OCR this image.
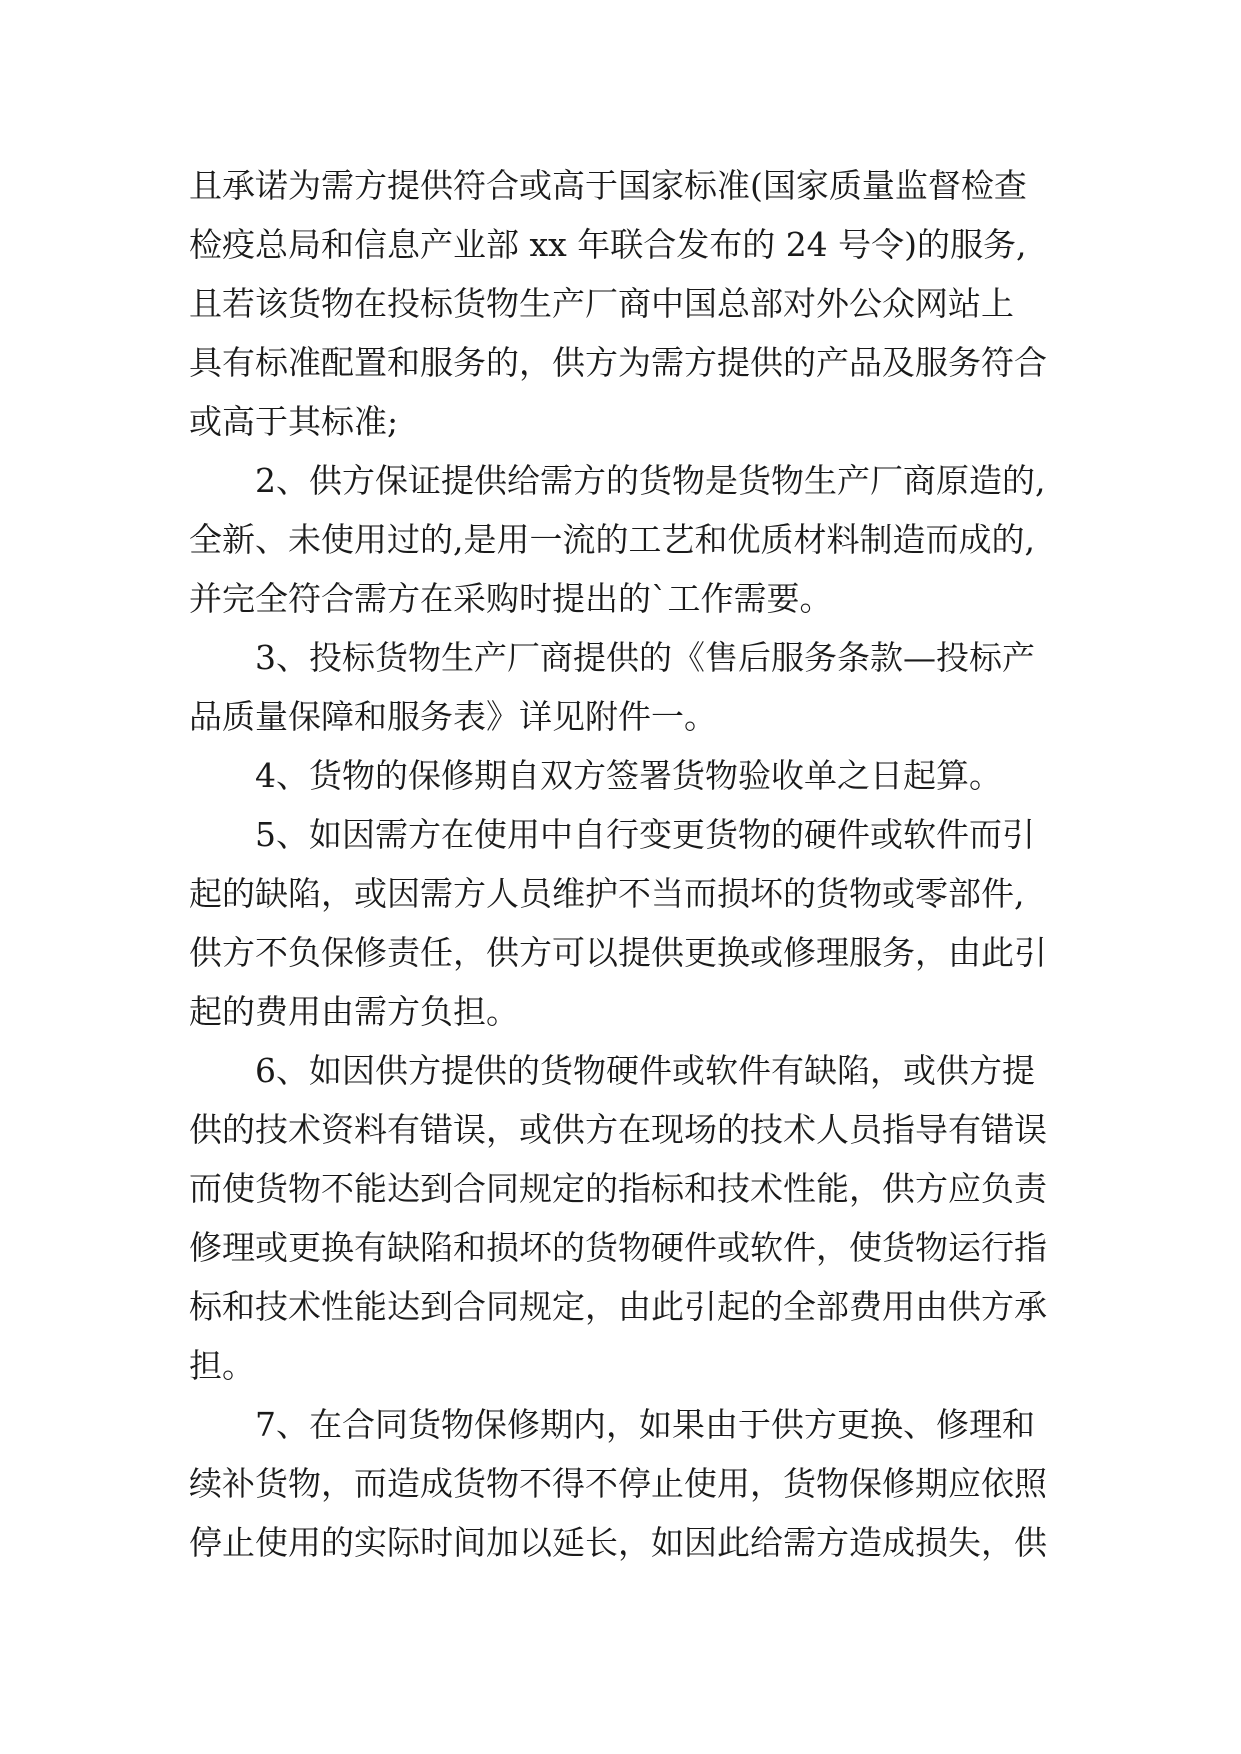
且承诺为需方提供符合或高于国家标准(国家质量监督检查
检疫总局和信息产业部 xx 年联合发布的 24 号令)的服务,
且若该货物在投标货物生产厂商中国总部对外公众网站上
具有标准配置和服务的，供方为需方提供的产品及服务符合
或高于其标准;
2、供方保证提供给需方的货物是货物生产厂商原造的,
全新、未使用过的,是用一流的工艺和优质材料制造而成的,
并完全符合需方在采购时提出的`工作需要。
3、投标货物生产厂商提供的《售后服务条款—投标产
品质量保障和服务表》详见附件一。
4、货物的保修期自双方签署货物验收单之日起算。
5、如因需方在使用中自行变更货物的硬件或软件而引
起的缺陷，或因需方人员维护不当而损坏的货物或零部件,
供方不负保修责任，供方可以提供更换或修理服务，由此引
起的费用由需方负担。
6、如因供方提供的货物硬件或软件有缺陷，或供方提
供的技术资料有错误，或供方在现场的技术人员指导有错误
而使货物不能达到合同规定的指标和技术性能，供方应负责
修理或更换有缺陷和损坏的货物硬件或软件，使货物运行指
标和技术性能达到合同规定，由此引起的全部费用由供方承
担。
7、在合同货物保修期内，如果由于供方更换、修理和
续补货物，而造成货物不得不停止使用，货物保修期应依照
停止使用的实际时间加以延长，如因此给需方造成损失，供
